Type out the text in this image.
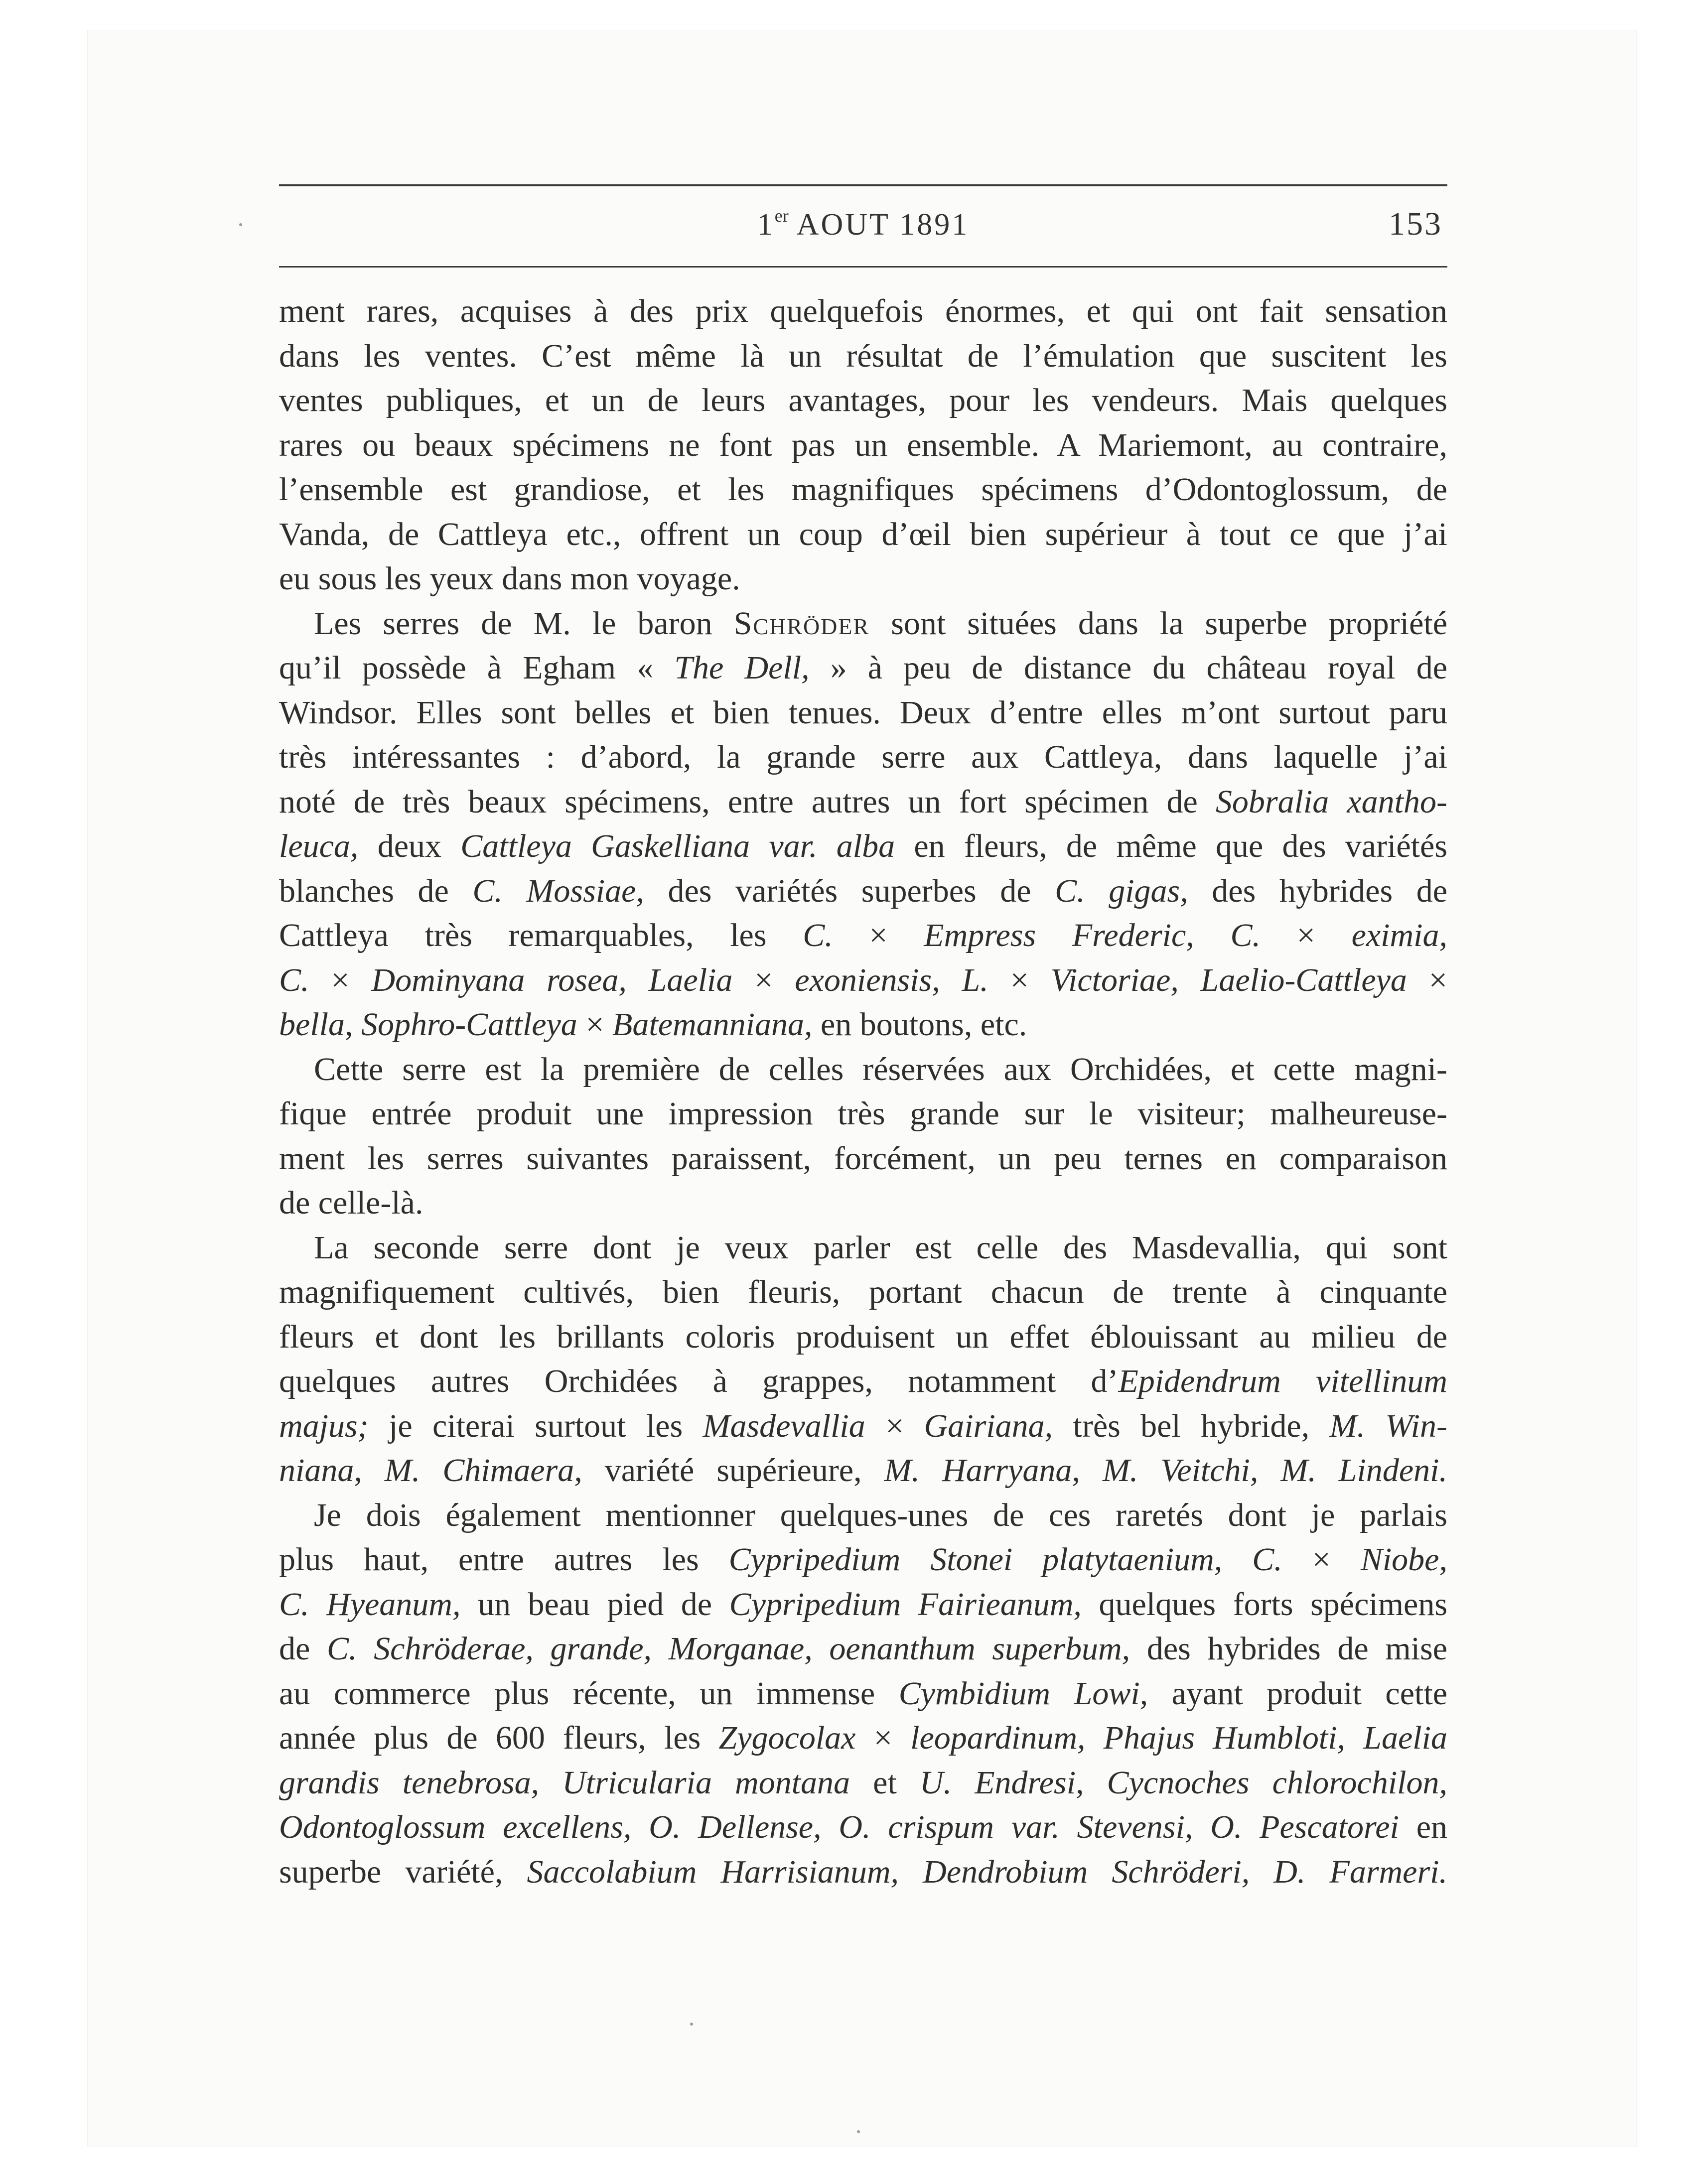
1er AOUT 1891	153
ment rares, acquises à des prix quelquefois énormes, et qui ont fait sensation
dans les ventes. C’est même là un résultat de l’émulation que suscitent les
ventes publiques, et un de leurs avantages, pour les vendeurs. Mais quelques
rares ou beaux spécimens ne font pas un ensemble. A Mariemont, au contraire,
l’ensemble est grandiose, et les magnifiques spécimens d’Odontoglossum, de
Vanda, de Cattleya etc., offrent un coup d’œil bien supérieur à tout ce que j’ai
eu sous les yeux dans mon voyage.
Les serres de M. le baron Schröder sont situées dans la superbe propriété
qu’il possède à Egham « The Dell, » à peu de distance du château royal de
Windsor. Elles sont belles et bien tenues. Deux d’entre elles m’ont surtout paru
très intéressantes : d’abord, la grande serre aux Cattleya, dans laquelle j’ai
noté de très beaux spécimens, entre autres un fort spécimen de Sobralia xantho-
leuca, deux Cattleya Gaskelliana var. alba en fleurs, de même que des variétés
blanches de C. Mossiae, des variétés superbes de C. gigas, des hybrides de
Cattleya très remarquables, les C. × Empress Frederic, C. × eximia,
C. × Dominyana rosea, Laelia × exoniensis, L. × Victoriae, Laelio-Cattleya ×
bella, Sophro-Cattleya × Batemanniana, en boutons, etc.
Cette serre est la première de celles réservées aux Orchidées, et cette magni-
fique entrée produit une impression très grande sur le visiteur; malheureuse-
ment les serres suivantes paraissent, forcément, un peu ternes en comparaison
de celle-là.
La seconde serre dont je veux parler est celle des Masdevallia, qui sont
magnifiquement cultivés, bien fleuris, portant chacun de trente à cinquante
fleurs et dont les brillants coloris produisent un effet éblouissant au milieu de
quelques autres Orchidées à grappes, notamment d’Epidendrum vitellinum
majus; je citerai surtout les Masdevallia × Gairiana, très bel hybride, M. Win-
niana, M. Chimaera, variété supérieure, M. Harryana, M. Veitchi, M. Lindeni.
Je dois également mentionner quelques-unes de ces raretés dont je parlais
plus haut, entre autres les Cypripedium Stonei platytaenium, C. × Niobe,
C. Hyeanum, un beau pied de Cypripedium Fairieanum, quelques forts spécimens
de C. Schröderae, grande, Morganae, oenanthum superbum, des hybrides de mise
au commerce plus récente, un immense Cymbidium Lowi, ayant produit cette
année plus de 600 fleurs, les Zygocolax × leopardinum, Phajus Humbloti, Laelia
grandis tenebrosa, Utricularia montana et U. Endresi, Cycnoches chlorochilon,
Odontoglossum excellens, O. Dellense, O. crispum var. Stevensi, O. Pescatorei en
superbe variété, Saccolabium Harrisianum, Dendrobium Schröderi, D. Farmeri.
